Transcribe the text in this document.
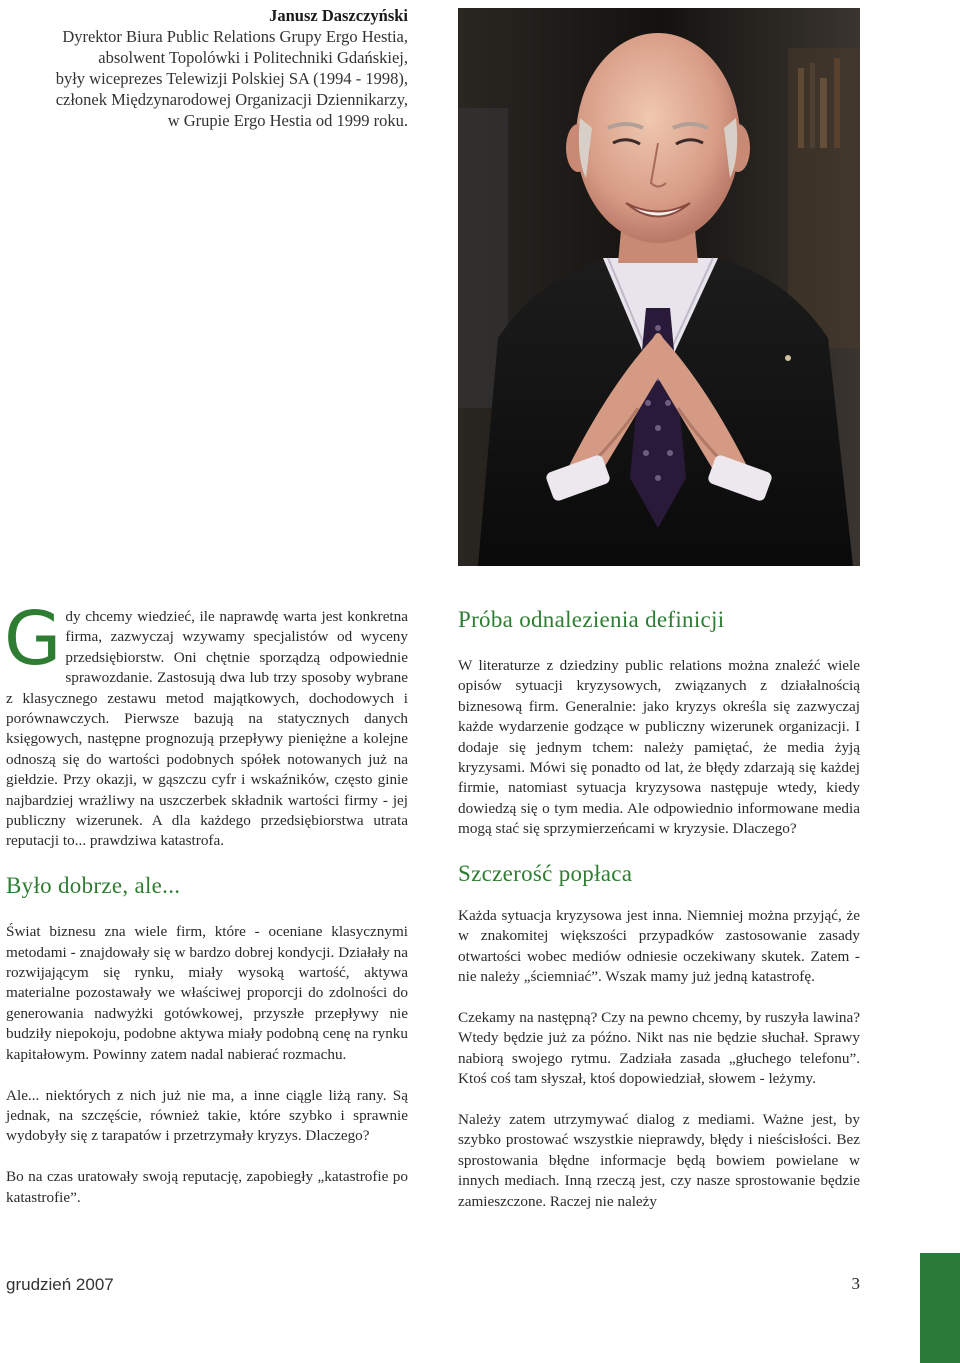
Janusz Daszczyński
Dyrektor Biura Public Relations Grupy Ergo Hestia,
absolwent Topolówki i Politechniki Gdańskiej,
były wiceprezes Telewizji Polskiej SA (1994 - 1998),
członek Międzynarodowej Organizacji Dziennikarzy,
w Grupie Ergo Hestia od 1999 roku.

Gdy chcemy wiedzieć, ile naprawdę warta jest konkretna firma, zazwyczaj wzywamy specjalistów od wyceny przedsiębiorstw. Oni chętnie sporządzą odpowiednie sprawozdanie. Zastosują dwa lub trzy sposoby wybrane z klasycznego zestawu metod majątkowych, dochodowych i porównawczych. Pierwsze bazują na statycznych danych księgowych, następne prognozują przepływy pieniężne a kolejne odnoszą się do wartości podobnych spółek notowanych już na giełdzie. Przy okazji, w gąszczu cyfr i wskaźników, często ginie najbardziej wrażliwy na uszczerbek składnik wartości firmy - jej publiczny wizerunek. A dla każdego przedsiębiorstwa utrata reputacji to... prawdziwa katastrofa.

Było dobrze, ale...

Świat biznesu zna wiele firm, które - oceniane klasycznymi metodami - znajdowały się w bardzo dobrej kondycji. Działały na rozwijającym się rynku, miały wysoką wartość, aktywa materialne pozostawały we właściwej proporcji do zdolności do generowania nadwyżki gotówkowej, przyszłe przepływy nie budziły niepokoju, podobne aktywa miały podobną cenę na rynku kapitałowym. Powinny zatem nadal nabierać rozmachu.

Ale... niektórych z nich już nie ma, a inne ciągle liżą rany. Są jednak, na szczęście, również takie, które szybko i sprawnie wydobyły się z tarapatów i przetrzymały kryzys. Dlaczego?

Bo na czas uratowały swoją reputację, zapobiegły „katastrofie po katastrofie”.

Próba odnalezienia definicji

W literaturze z dziedziny public relations można znaleźć wiele opisów sytuacji kryzysowych, związanych z działalnością biznesową firm. Generalnie: jako kryzys określa się zazwyczaj każde wydarzenie godzące w publiczny wizerunek organizacji. I dodaje się jednym tchem: należy pamiętać, że media żyją kryzysami. Mówi się ponadto od lat, że błędy zdarzają się każdej firmie, natomiast sytuacja kryzysowa następuje wtedy, kiedy dowiedzą się o tym media. Ale odpowiednio informowane media mogą stać się sprzymierzeńcami w kryzysie. Dlaczego?

Szczerość popłaca

Każda sytuacja kryzysowa jest inna. Niemniej można przyjąć, że w znakomitej większości przypadków zastosowanie zasady otwartości wobec mediów odniesie oczekiwany skutek. Zatem - nie należy „ściemniać”. Wszak mamy już jedną katastrofę.

Czekamy na następną? Czy na pewno chcemy, by ruszyła lawina? Wtedy będzie już za późno. Nikt nas nie będzie słuchał. Sprawy nabiorą swojego rytmu. Zadziała zasada „głuchego telefonu”. Ktoś coś tam słyszał, ktoś dopowiedział, słowem - leżymy.

Należy zatem utrzymywać dialog z mediami. Ważne jest, by szybko prostować wszystkie nieprawdy, błędy i nieścisłości. Bez sprostowania błędne informacje będą bowiem powielane w innych mediach. Inną rzeczą jest, czy nasze sprostowanie będzie zamieszczone. Raczej nie należy

grudzień 2007	3
